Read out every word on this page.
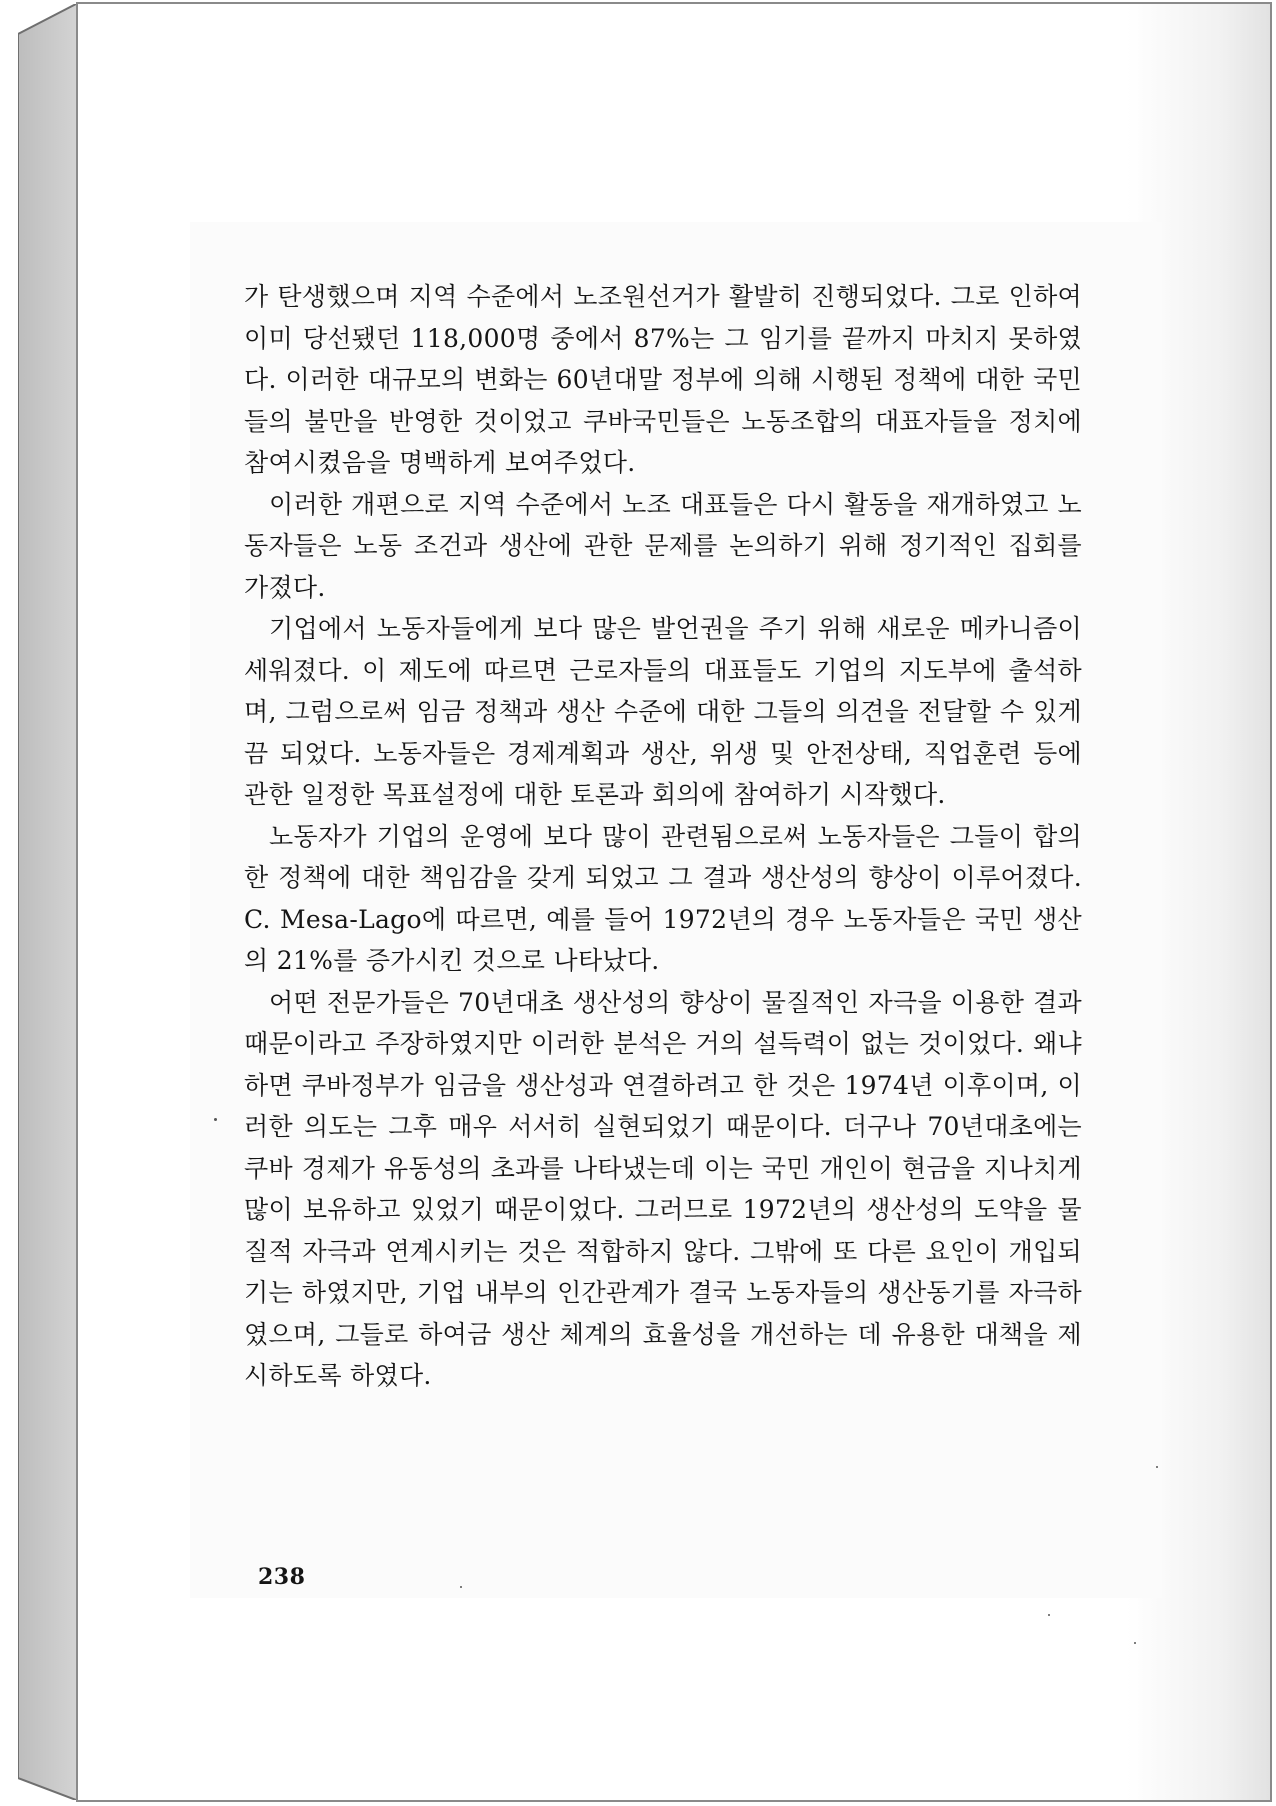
가 탄생했으며 지역 수준에서 노조원선거가 활발히 진행되었다. 그로 인하여 이미 당선됐던 118,000명 중에서 87%는 그 임기를 끝까지 마치지 못하였다. 이러한 대규모의 변화는 60년대말 정부에 의해 시행된 정책에 대한 국민들의 불만을 반영한 것이었고 쿠바국민들은 노동조합의 대표자들을 정치에 참여시켰음을 명백하게 보여주었다.

이러한 개편으로 지역 수준에서 노조 대표들은 다시 활동을 재개하였고 노동자들은 노동 조건과 생산에 관한 문제를 논의하기 위해 정기적인 집회를 가졌다.

기업에서 노동자들에게 보다 많은 발언권을 주기 위해 새로운 메카니즘이 세워졌다. 이 제도에 따르면 근로자들의 대표들도 기업의 지도부에 출석하며, 그럼으로써 임금 정책과 생산 수준에 대한 그들의 의견을 전달할 수 있게끔 되었다. 노동자들은 경제계획과 생산, 위생 및 안전상태, 직업훈련 등에 관한 일정한 목표설정에 대한 토론과 회의에 참여하기 시작했다.

노동자가 기업의 운영에 보다 많이 관련됨으로써 노동자들은 그들이 합의한 정책에 대한 책임감을 갖게 되었고 그 결과 생산성의 향상이 이루어졌다. C. Mesa-Lago에 따르면, 예를 들어 1972년의 경우 노동자들은 국민 생산의 21%를 증가시킨 것으로 나타났다.

어떤 전문가들은 70년대초 생산성의 향상이 물질적인 자극을 이용한 결과 때문이라고 주장하였지만 이러한 분석은 거의 설득력이 없는 것이었다. 왜냐하면 쿠바정부가 임금을 생산성과 연결하려고 한 것은 1974년 이후이며, 이러한 의도는 그후 매우 서서히 실현되었기 때문이다. 더구나 70년대초에는 쿠바 경제가 유동성의 초과를 나타냈는데 이는 국민 개인이 현금을 지나치게 많이 보유하고 있었기 때문이었다. 그러므로 1972년의 생산성의 도약을 물질적 자극과 연계시키는 것은 적합하지 않다. 그밖에 또 다른 요인이 개입되기는 하였지만, 기업 내부의 인간관계가 결국 노동자들의 생산동기를 자극하였으며, 그들로 하여금 생산 체계의 효율성을 개선하는 데 유용한 대책을 제시하도록 하였다.

238
